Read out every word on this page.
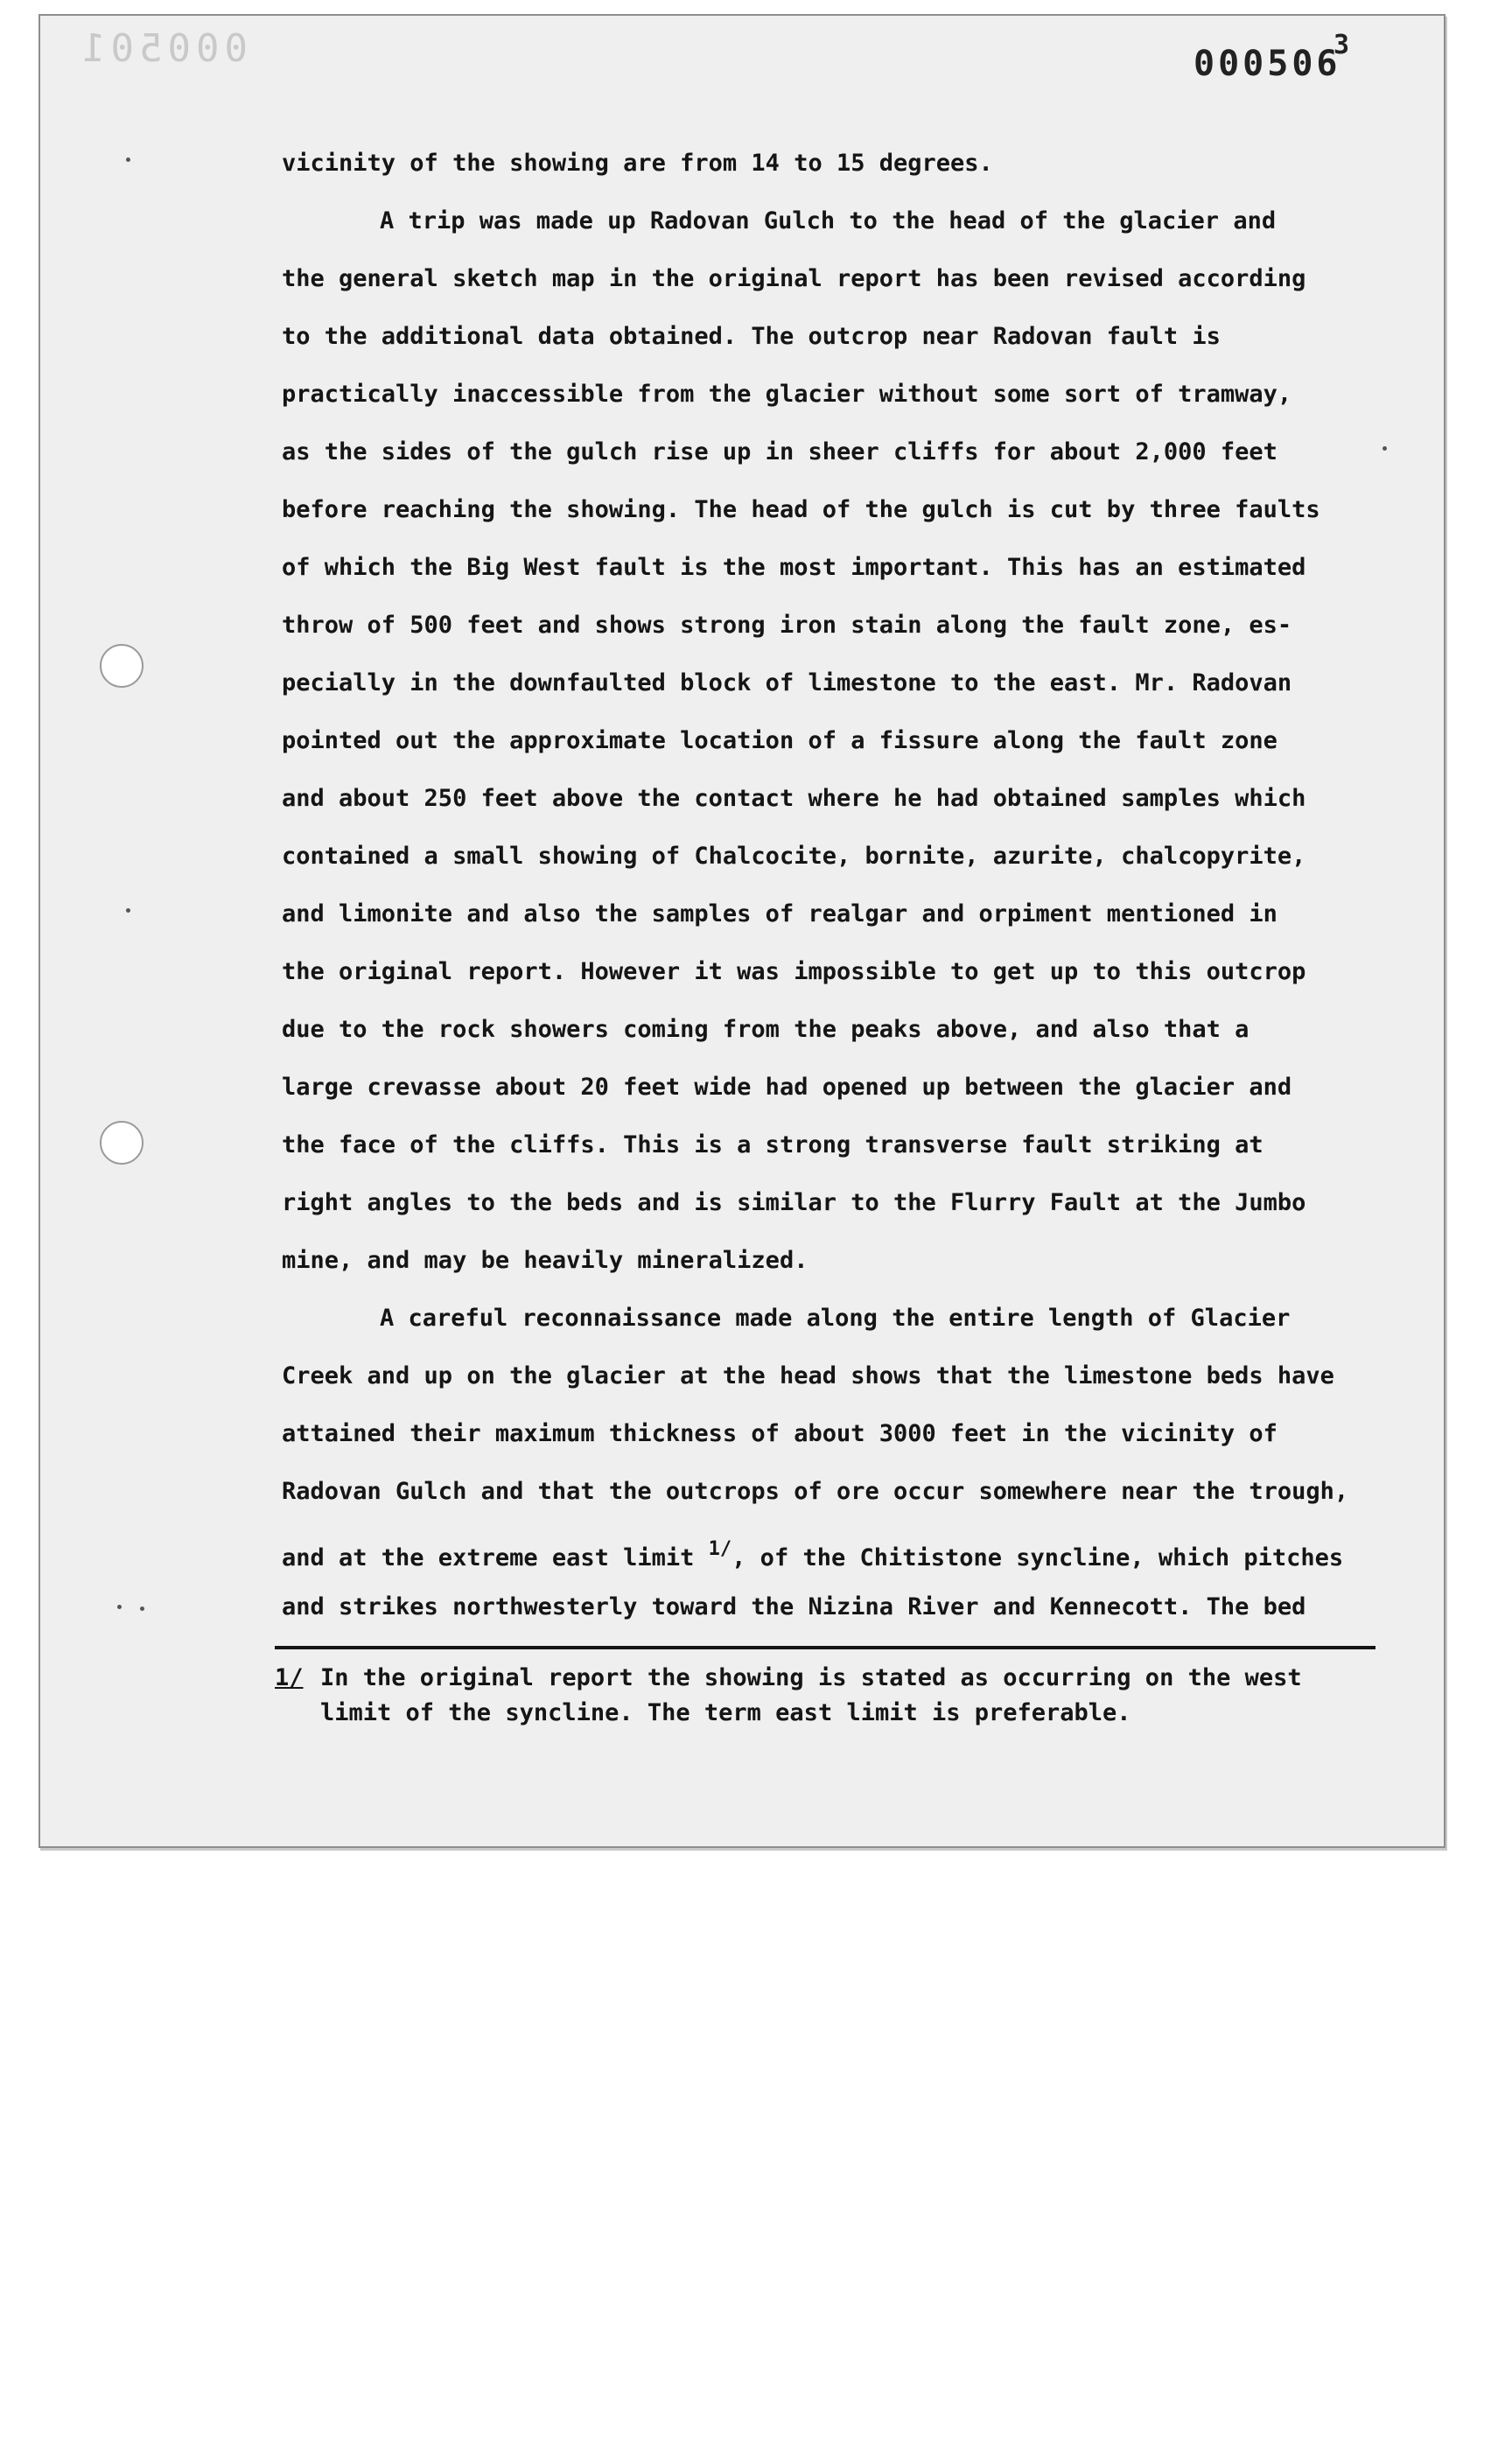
000501	000506
3
vicinity of the showing are from 14 to 15 degrees.
A trip was made up Radovan Gulch to the head of the glacier and
the general sketch map in the original report has been revised according
to the additional data obtained. The outcrop near Radovan fault is
practically inaccessible from the glacier without some sort of tramway,
as the sides of the gulch rise up in sheer cliffs for about 2,000 feet
before reaching the showing. The head of the gulch is cut by three faults
of which the Big West fault is the most important. This has an estimated
throw of 500 feet and shows strong iron stain along the fault zone, es-
pecially in the downfaulted block of limestone to the east. Mr. Radovan
pointed out the approximate location of a fissure along the fault zone
and about 250 feet above the contact where he had obtained samples which
contained a small showing of Chalcocite, bornite, azurite, chalcopyrite,
and limonite and also the samples of realgar and orpiment mentioned in
the original report. However it was impossible to get up to this outcrop
due to the rock showers coming from the peaks above, and also that a
large crevasse about 20 feet wide had opened up between the glacier and
the face of the cliffs. This is a strong transverse fault striking at
right angles to the beds and is similar to the Flurry Fault at the Jumbo
mine, and may be heavily mineralized.
A careful reconnaissance made along the entire length of Glacier
Creek and up on the glacier at the head shows that the limestone beds have
attained their maximum thickness of about 3000 feet in the vicinity of
Radovan Gulch and that the outcrops of ore occur somewhere near the trough,
and at the extreme east limit $^{1/}$, of the Chitistone syncline, which pitches
and strikes northwesterly toward the Nizina River and Kennecott. The bed
1/ In the original report the showing is stated as occurring on the west
limit of the syncline. The term east limit is preferable.
